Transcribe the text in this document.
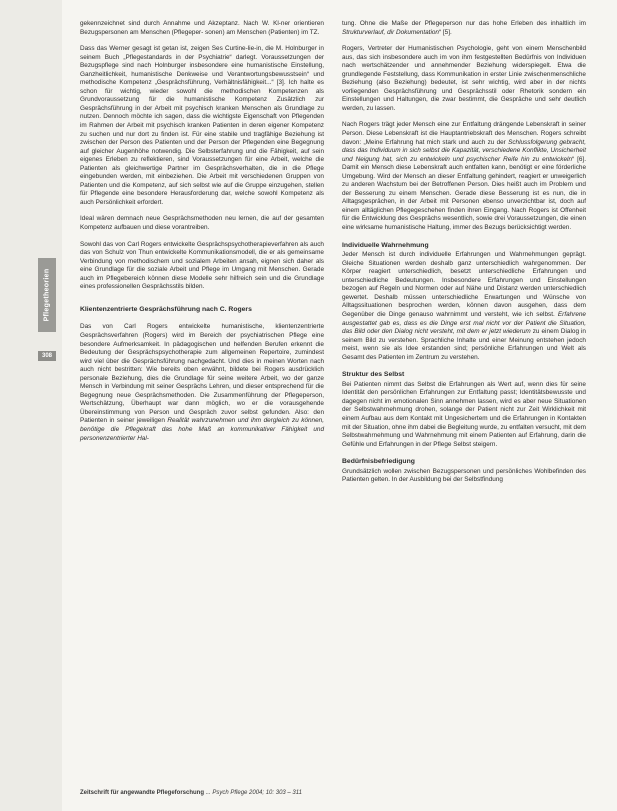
Pflegetheorien
308

gekennzeichnet sind durch Annahme und Akzeptanz. Nach W. Kl-ner orientieren Bezugspersonen am Menschen (Pflegeper- sonen) am Menschen (Patienten) im TZ.

Dass das Werner gesagt ist getan ist, zeigen Ses Curtine-lie-in, die M. Holnburger in seinem Buch „Pflegestandards in der Psychiatrie“ darlegt. Voraussetzungen der Bezugspflege sind nach Holnburger insbesondere eine humanistische Einstellung, Ganzheitlichkeit, humanistische Denkweise und Verantwortungsbewusstsein“ und methodische Kompetenz „Gesprächsführung, Verhältnisfähigkeit...“ [3]. Ich halte es schon für wichtig, wieder sowohl die methodischen Kompetenzen als Grundvoraussetzung für die humanistische Kompetenz Zusätzlich zur Gesprächsführung in der Arbeit mit psychisch kranken Menschen als Grundlage zu nutzen. Dennoch möchte ich sagen, dass die wichtigste Eigenschaft von Pflegenden im Rahmen der Arbeit mit psychisch kranken Patienten in deren eigener Kompetenz zu suchen und nur dort zu finden ist. Für eine stabile und tragfähige Beziehung ist zwischen der Person des Patienten und der Person der Pflegenden eine Begegnung auf gleicher Augenhöhe notwendig. Die Selbsterfahrung und die Fähigkeit, auf sein eigenes Erleben zu reflektieren, sind Voraussetzungen für eine Arbeit, welche die Patienten als gleichwertige Partner im Gesprächsverhalten, die in die Pflege eingebunden werden, mit einbeziehen. Die Arbeit mit verschiedenen Gruppen von Patienten und die Kompetenz, auf sich selbst wie auf die Gruppe einzugehen, stellen für Pflegende eine besondere Herausforderung dar, welche sowohl Kompetenz als auch Persönlichkeit erfordert.

Ideal wären demnach neue Gesprächsmethoden neu lernen, die auf der gesamten Kompetenz aufbauen und diese vorantreiben.

Sowohl das von Carl Rogers entwickelte Gesprächspsychotherapieverfahren als auch das von Schulz von Thun entwickelte Kommunikationsmodell, die er als gemeinsame Verbindung von methodischem und sozialem Arbeiten ansah, eignen sich daher als eine Grundlage für die soziale Arbeit und Pflege im Umgang mit Menschen. Gerade auch im Pflegebereich können diese Modelle sehr hilfreich sein und die Grundlage eines professionellen Gesprächsstils bilden.

Klientenzentrierte Gesprächsführung nach C. Rogers

Das von Carl Rogers entwickelte humanistische, klientenzentrierte Gesprächsverfahren (Rogers) wird im Bereich der psychiatrischen Pflege eine besondere Aufmerksamkeit. In pädagogischen und helfenden Berufen erkennt die Bedeutung der Gesprächspsychotherapie zum allgemeinen Repertoire, zumindest wird viel über die Gesprächsführung nachgedacht. Und dies in meinen Worten nach auch nicht bestritten: Wie bereits oben erwähnt, bildete bei Rogers ausdrücklich personale Beziehung, dies die Grundlage für seine weitere Arbeit, wo der ganze Mensch in Verbindung mit seiner Gesprächs Lehren, und dieser entsprechend für die Begegnung neue Gesprächsmethoden. Die Zusammenführung der Pflegeperson, Wertschätzung, Überhaupt war dann möglich, wo er die vorausgehende Übereinstimmung von Person und Gespräch zuvor selbst gefunden. Also: den Patienten in seiner jeweiligen Realität wahrzunehmen und ihm dergleich zu können, benötige die Pflegekraft das hohe Maß an kommunikativer Fähigkeit und personenzentrierter Hal-

tung. Ohne die Maße der Pflegeperson nur das hohe Erleben des inhaltlich im Strukturverlauf, dir Dokumentation“ [5].

Rogers, Vertreter der Humanistischen Psychologie, geht von einem Menschenbild aus, das sich insbesondere auch im von ihm festgestellten Bedürfnis von Individuen nach wertschätzender und annehmender Beziehung widerspiegelt. Etwa die grundlegende Feststellung, dass Kommunikation in erster Linie zwischenmenschliche Beziehung (also Beziehung) bedeutet, ist sehr wichtig, wird aber in der nichts vorliegenden Gesprächsführung und Gesprächsstil oder Rhetorik sondern ein Einstellungen und Haltungen, die zwar bestimmt, die Gespräche und sehr deutlich werden, zu lassen.

Nach Rogers trägt jeder Mensch eine zur Entfaltung drängende Lebenskraft in seiner Person. Diese Lebenskraft ist die Hauptantriebskraft des Menschen. Rogers schreibt davon: „Meine Erfahrung hat mich stark und auch zu der Schlussfolgerung gebracht, dass das Individuum in sich selbst die Kapazität, verschiedene Konflikte, Unsicherheit und Neigung hat, sich zu entwickeln und psychischer Reife hin zu entwickeln“ [6]. Damit ein Mensch diese Lebenskraft auch entfalten kann, benötigt er eine förderliche Umgebung. Wird der Mensch an dieser Entfaltung gehindert, reagiert er unweigerlich zu anderen Wachstum bei der Betroffenen Person. Dies heißt auch im Problem und der Besserung zu einem Menschen. Gerade diese Besserung ist es nun, die in Alltagsgesprächen, in der Arbeit mit Personen ebenso unverzichtbar ist, doch auf einem alltäglichen Pflegegeschehen finden ihren Eingang. Nach Rogers ist Offenheit für die Entwicklung des Gesprächs wesentlich, sowie drei Voraussetzungen, die einen eine wirksame humanistische Haltung, immer des Bezugs berücksichtigt werden.

Individuelle Wahrnehmung

Jeder Mensch ist durch individuelle Erfahrungen und Wahrnehmungen geprägt. Gleiche Situationen werden deshalb ganz unterschiedlich wahrgenommen. Der Körper reagiert unterschiedlich, besetzt unterschiedliche Erfahrungen und unterschiedliche Bedeutungen. Insbesondere Erfahrungen und Einstellungen bezogen auf Regeln und Normen oder auf Nähe und Distanz werden unterschiedlich gewertet. Deshalb müssen unterschiedliche Erwartungen und Wünsche von Alltagssituationen besprochen werden, können davon ausgehen, dass dem Gegenüber die Dinge genauso wahrnimmt und versteht, wie ich selbst. Erfahrene ausgestattet gab es, dass es die Dinge erst mal nicht vor der Patient die Situation, das Bild oder den Dialog nicht versteht, mit dem er jetzt wiederum zu einem Dialog in seinem Bild zu verstehen. Sprachliche Inhalte und einer Meinung entstehen jedoch meist, wenn sie als Idee erstanden sind; persönliche Erfahrungen und Welt als Gesamt des Patienten im Zentrum zu verstehen.

Struktur des Selbst

Bei Patienten nimmt das Selbst die Erfahrungen als Wert auf, wenn dies für seine Identität den persönlichen Erfahrungen zur Entfaltung passt; Identitätsbewusste und dagegen nicht im emotionalen Sinn annehmen lassen, wird es aber neue Situationen der Selbstwahrnehmung drohen, solange der Patient nicht zur Zeit Wirklichkeit mit einem Aufbau aus dem Kontakt mit Ungesichertem und die Erfahrungen in Kontakten mit der Situation, ohne ihm dabei die Begleitung wurde, zu entfalten versucht, mit dem Selbstwahrnehmung und Wahrnehmung mit einem Patienten auf Erfahrung, darin die Gefühle und Erfahrungen in der Pflege Selbst steigern.

Bedürfnisbefriedigung

Grundsätzlich wollen zwischen Bezugspersonen und persönliches Wohlbefinden des Patienten gelten. In der Ausbildung bei der Selbstfindung

Zeitschrift für angewandte Pflegeforschung ... Psych Pflege 2004; 10: 303 – 311
